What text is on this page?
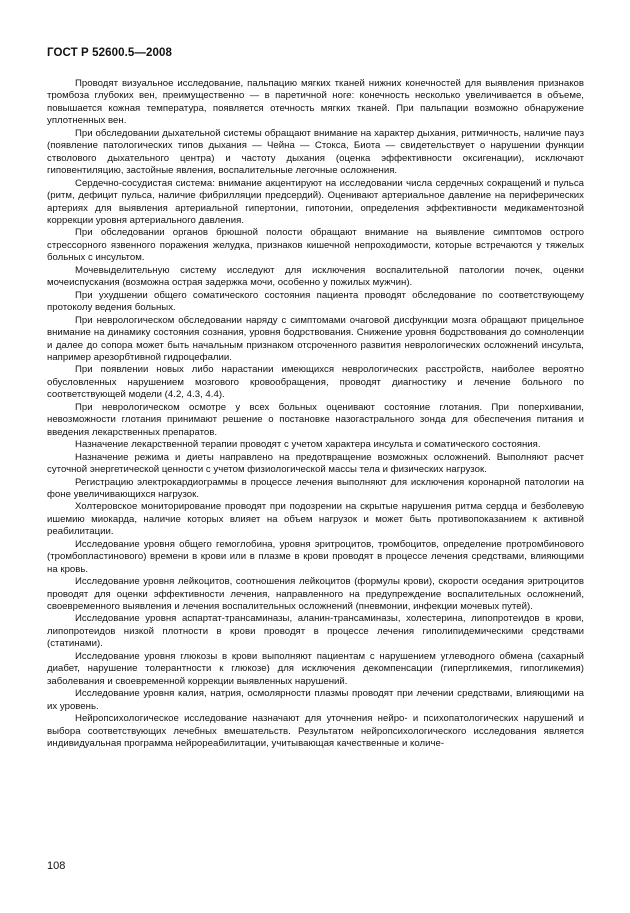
ГОСТ Р 52600.5—2008

Проводят визуальное исследование, пальпацию мягких тканей нижних конечностей для выявления признаков тромбоза глубоких вен, преимущественно — в паретичной ноге: конечность несколько увеличивается в объеме, повышается кожная температура, появляется отечность мягких тканей. При пальпации возможно обнаружение уплотненных вен.

При обследовании дыхательной системы обращают внимание на характер дыхания, ритмичность, наличие пауз (появление патологических типов дыхания — Чейна — Стокса, Биота — свидетельствует о нарушении функции стволового дыхательного центра) и частоту дыхания (оценка эффективности оксигенации), исключают гиповентиляцию, застойные явления, воспалительные легочные осложнения.

Сердечно-сосудистая система: внимание акцентируют на исследовании числа сердечных сокращений и пульса (ритм, дефицит пульса, наличие фибрилляции предсердий). Оценивают артериальное давление на периферических артериях для выявления артериальной гипертонии, гипотонии, определения эффективности медикаментозной коррекции уровня артериального давления.

При обследовании органов брюшной полости обращают внимание на выявление симптомов острого стрессорного язвенного поражения желудка, признаков кишечной непроходимости, которые встречаются у тяжелых больных с инсультом.

Мочевыделительную систему исследуют для исключения воспалительной патологии почек, оценки мочеиспускания (возможна острая задержка мочи, особенно у пожилых мужчин).

При ухудшении общего соматического состояния пациента проводят обследование по соответствующему протоколу ведения больных.

При неврологическом обследовании наряду с симптомами очаговой дисфункции мозга обращают прицельное внимание на динамику состояния сознания, уровня бодрствования. Снижение уровня бодрствования до сомноленции и далее до сопора может быть начальным признаком отсроченного развития неврологических осложнений инсульта, например арезорбтивной гидроцефалии.

При появлении новых либо нарастании имеющихся неврологических расстройств, наиболее вероятно обусловленных нарушением мозгового кровообращения, проводят диагностику и лечение больного по соответствующей модели (4.2, 4.3, 4.4).

При неврологическом осмотре у всех больных оценивают состояние глотания. При поперхивании, невозможности глотания принимают решение о постановке назогастрального зонда для обеспечения питания и введения лекарственных препаратов.

Назначение лекарственной терапии проводят с учетом характера инсульта и соматического состояния.

Назначение режима и диеты направлено на предотвращение возможных осложнений. Выполняют расчет суточной энергетической ценности с учетом физиологической массы тела и физических нагрузок.

Регистрацию электрокардиограммы в процессе лечения выполняют для исключения коронарной патологии на фоне увеличивающихся нагрузок.

Холтеровское мониторирование проводят при подозрении на скрытые нарушения ритма сердца и безболевую ишемию миокарда, наличие которых влияет на объем нагрузок и может быть противопоказанием к активной реабилитации.

Исследование уровня общего гемоглобина, уровня эритроцитов, тромбоцитов, определение протромбинового (тромбопластинового) времени в крови или в плазме в крови проводят в процессе лечения средствами, влияющими на кровь.

Исследование уровня лейкоцитов, соотношения лейкоцитов (формулы крови), скорости оседания эритроцитов проводят для оценки эффективности лечения, направленного на предупреждение воспалительных осложнений, своевременного выявления и лечения воспалительных осложнений (пневмонии, инфекции мочевых путей).

Исследование уровня аспартат-трансаминазы, аланин-трансаминазы, холестерина, липопротеидов в крови, липопротеидов низкой плотности в крови проводят в процессе лечения гиполипидемическими средствами (статинами).

Исследование уровня глюкозы в крови выполняют пациентам с нарушением углеводного обмена (сахарный диабет, нарушение толерантности к глюкозе) для исключения декомпенсации (гипергликемия, гипогликемия) заболевания и своевременной коррекции выявленных нарушений.

Исследование уровня калия, натрия, осмолярности плазмы проводят при лечении средствами, влияющими на их уровень.

Нейропсихологическое исследование назначают для уточнения нейро- и психопатологических нарушений и выбора соответствующих лечебных вмешательств. Результатом нейропсихологического исследования является индивидуальная программа нейрореабилитации, учитывающая качественные и количе-

108
